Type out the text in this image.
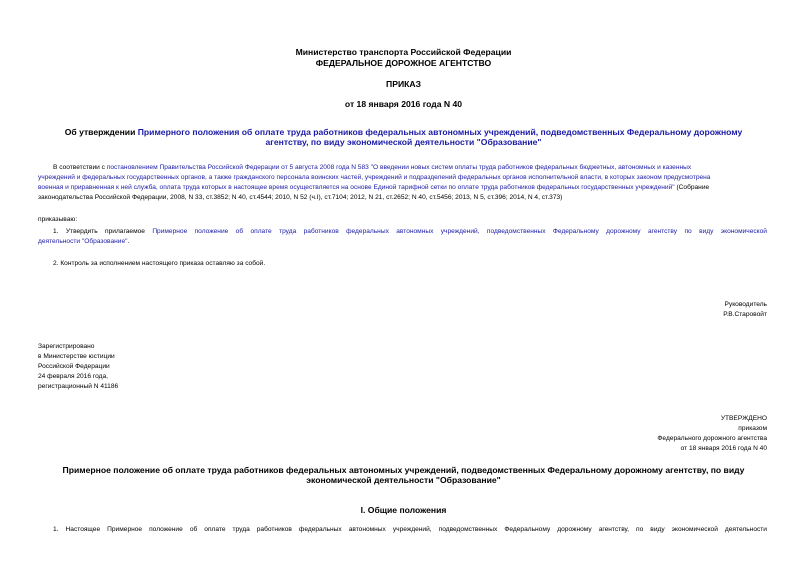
Министерство транспорта Российской Федерации
ФЕДЕРАЛЬНОЕ ДОРОЖНОЕ АГЕНТСТВО
ПРИКАЗ
от 18 января 2016 года N 40
Об утверждении Примерного положения об оплате труда работников федеральных автономных учреждений, подведомственных Федеральному дорожному
агентству, по виду экономической деятельности "Образование"
В соответствии с постановлением Правительства Российской Федерации от 5 августа 2008 года N 583 "О введении новых систем оплаты труда работников федеральных бюджетных, автономных и казенных
учреждений и федеральных государственных органов, а также гражданского персонала воинских частей, учреждений и подразделений федеральных органов исполнительной власти, в которых законом предусмотрена
военная и приравненная к ней служба, оплата труда которых в настоящее время осуществляется на основе Единой тарифной сетки по оплате труда работников федеральных государственных учреждений" (Собрание
законодательства Российской Федерации, 2008, N 33, ст.3852; N 40, ст.4544; 2010, N 52 (ч.I), ст.7104; 2012, N 21, ст.2652; N 40, ст.5456; 2013, N 5, ст.396; 2014, N 4, ст.373)
приказываю:
1. Утвердить прилагаемое Примерное положение об оплате труда работников федеральных автономных учреждений, подведомственных Федеральному дорожному агентству по виду экономической
деятельности "Образование".
2. Контроль за исполнением настоящего приказа оставляю за собой.
Руководитель
Р.В.Старовойт
Зарегистрировано
в Министерстве юстиции
Российской Федерации
24 февраля 2016 года,
регистрационный N 41186
УТВЕРЖДЕНО
приказом
Федерального дорожного агентства
от 18 января 2016 года N 40
Примерное положение об оплате труда работников федеральных автономных учреждений, подведомственных Федеральному дорожному агентству, по виду
экономической деятельности "Образование"
I. Общие положения
1. Настоящее Примерное положение об оплате труда работников федеральных автономных учреждений, подведомственных Федеральному дорожному агентству, по виду экономической деятельности
